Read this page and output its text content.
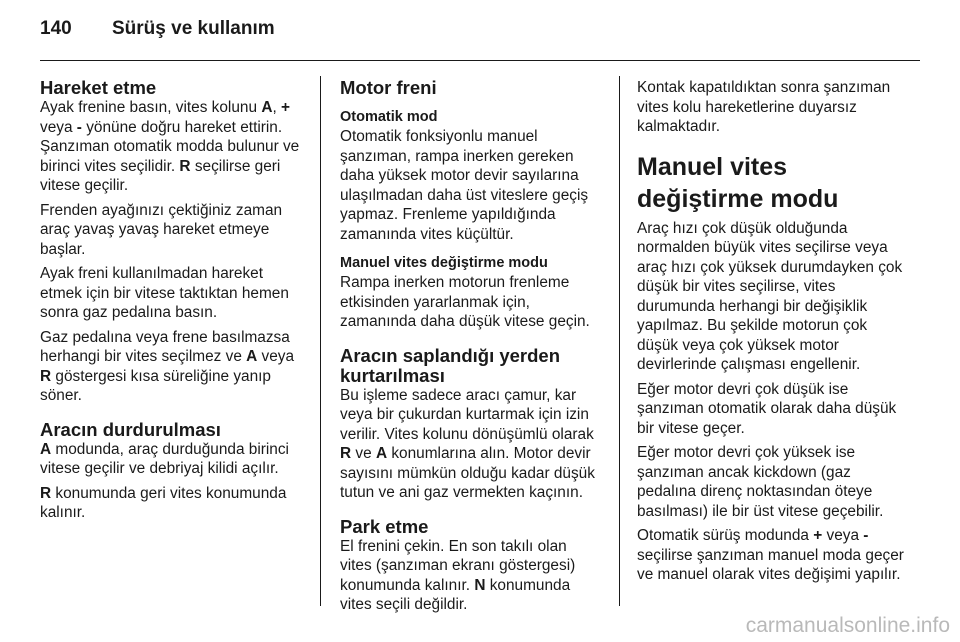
140 Sürüş ve kullanım
Hareket etme

Ayak frenine basın, vites kolunu A, + veya - yönüne doğru hareket ettirin. Şanzıman otomatik modda bulunur ve birinci vites seçilidir. R seçilirse geri vitese geçilir.

Frenden ayağınızı çektiğiniz zaman araç yavaş yavaş hareket etmeye başlar.

Ayak freni kullanılmadan hareket etmek için bir vitese taktıktan hemen sonra gaz pedalına basın.

Gaz pedalına veya frene basılmazsa herhangi bir vites seçilmez ve A veya R göstergesi kısa süreliğine yanıp söner.

Aracın durdurulması

A modunda, araç durduğunda birinci vitese geçilir ve debriyaj kilidi açılır.

R konumunda geri vites konumunda kalınır.

Motor freni
Otomatik mod

Otomatik fonksiyonlu manuel şanzıman, rampa inerken gereken daha yüksek motor devir sayılarına ulaşılmadan daha üst viteslere geçiş yapmaz. Frenleme yapıldığında zamanında vites küçültür.

Manuel vites değiştirme modu

Rampa inerken motorun frenleme etkisinden yararlanmak için, zamanında daha düşük vitese geçin.

Aracın saplandığı yerden kurtarılması

Bu işleme sadece aracı çamur, kar veya bir çukurdan kurtarmak için izin verilir. Vites kolunu dönüşümlü olarak R ve A konumlarına alın. Motor devir sayısını mümkün olduğu kadar düşük tutun ve ani gaz vermekten kaçının.

Park etme

El frenini çekin. En son takılı olan vites (şanzıman ekranı göstergesi) konumunda kalınır. N konumunda vites seçili değildir.

Kontak kapatıldıktan sonra şanzıman vites kolu hareketlerine duyarsız kalmaktadır.

Manuel vites değiştirme modu

Araç hızı çok düşük olduğunda normalden büyük vites seçilirse veya araç hızı çok yüksek durumdayken çok düşük bir vites seçilirse, vites durumunda herhangi bir değişiklik yapılmaz. Bu şekilde motorun çok düşük veya çok yüksek motor devirlerinde çalışması engellenir.

Eğer motor devri çok düşük ise şanzıman otomatik olarak daha düşük bir vitese geçer.

Eğer motor devri çok yüksek ise şanzıman ancak kickdown (gaz pedalına direnç noktasından öteye basılması) ile bir üst vitese geçebilir.

Otomatik sürüş modunda + veya - seçilirse şanzıman manuel moda geçer ve manuel olarak vites değişimi yapılır.

carmanualsonline.info
